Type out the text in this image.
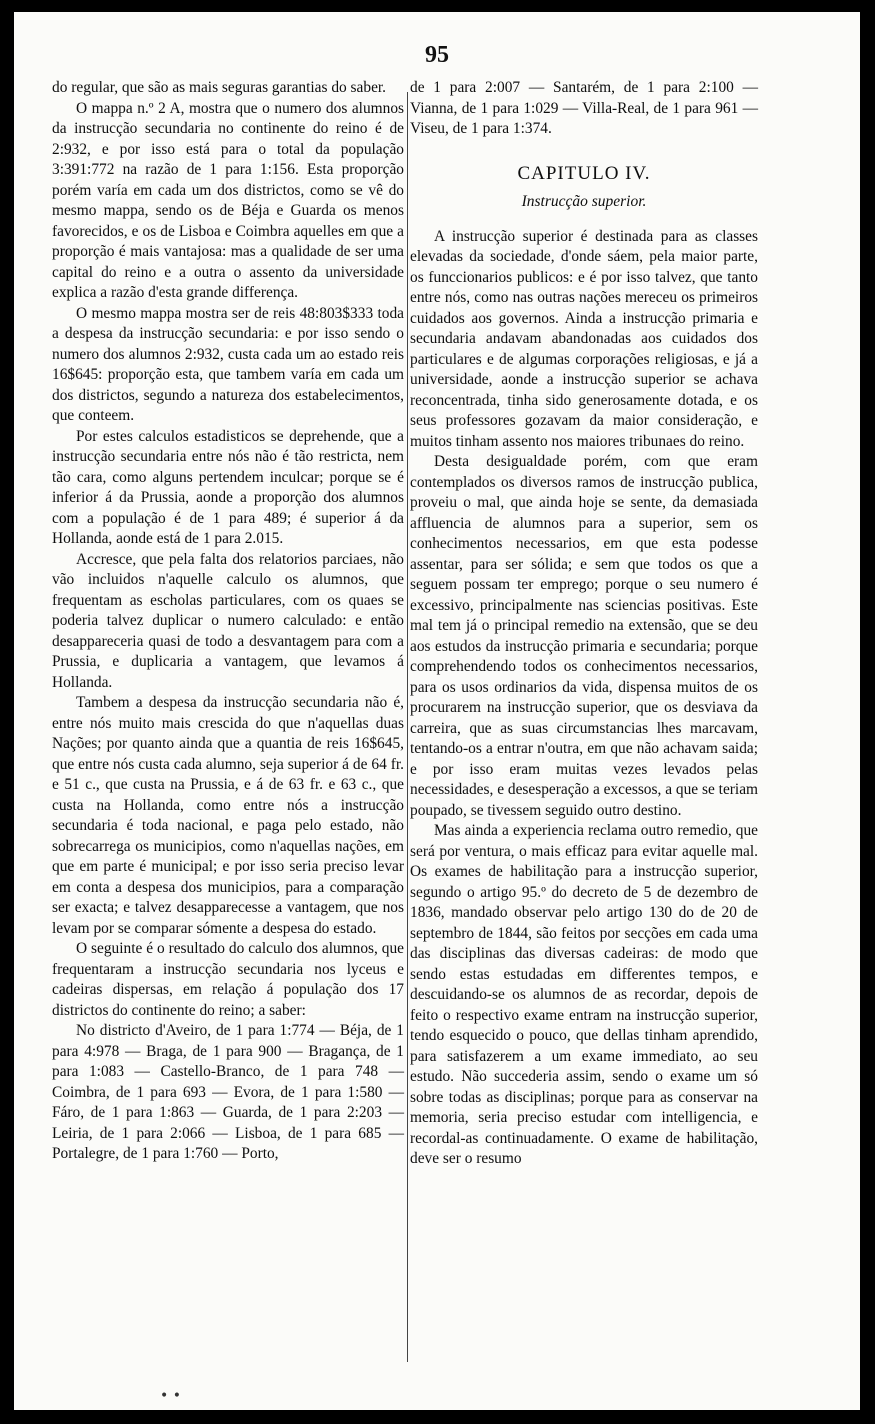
95

do regular, que são as mais seguras garantias do saber.

O mappa n.º 2 A, mostra que o numero dos alumnos da instrucção secundaria no continente do reino é de 2:932, e por isso está para o total da população 3:391:772 na razão de 1 para 1:156. Esta proporção porém varía em cada um dos districtos, como se vê do mesmo mappa, sendo os de Béja e Guarda os menos favorecidos, e os de Lisboa e Coimbra aquelles em que a proporção é mais vantajosa: mas a qualidade de ser uma capital do reino e a outra o assento da universidade explica a razão d'esta grande differença.

O mesmo mappa mostra ser de reis 48:803$333 toda a despesa da instrucção secundaria: e por isso sendo o numero dos alumnos 2:932, custa cada um ao estado reis 16$645: proporção esta, que tambem varía em cada um dos districtos, segundo a natureza dos estabelecimentos, que conteem.

Por estes calculos estadisticos se deprehende, que a instrucção secundaria entre nós não é tão restricta, nem tão cara, como alguns pertendem inculcar; porque se é inferior á da Prussia, aonde a proporção dos alumnos com a população é de 1 para 489; é superior á da Hollanda, aonde está de 1 para 2.015.

Accresce, que pela falta dos relatorios parciaes, não vão incluidos n'aquelle calculo os alumnos, que frequentam as escholas particulares, com os quaes se poderia talvez duplicar o numero calculado: e então desappareceria quasi de todo a desvantagem para com a Prussia, e duplicaria a vantagem, que levamos á Hollanda.

Tambem a despesa da instrucção secundaria não é, entre nós muito mais crescida do que n'aquellas duas Nações; por quanto ainda que a quantia de reis 16$645, que entre nós custa cada alumno, seja superior á de 64 fr. e 51 c., que custa na Prussia, e á de 63 fr. e 63 c., que custa na Hollanda, como entre nós a instrucção secundaria é toda nacional, e paga pelo estado, não sobrecarrega os municipios, como n'aquellas nações, em que em parte é municipal; e por isso seria preciso levar em conta a despesa dos municipios, para a comparação ser exacta; e talvez desapparecesse a vantagem, que nos levam por se comparar sómente a despesa do estado.

O seguinte é o resultado do calculo dos alumnos, que frequentaram a instrucção secundaria nos lyceus e cadeiras dispersas, em relação á população dos 17 districtos do continente do reino; a saber:

No districto d'Aveiro, de 1 para 1:774 — Béja, de 1 para 4:978 — Braga, de 1 para 900 — Bragança, de 1 para 1:083 — Castello-Branco, de 1 para 748 — Coimbra, de 1 para 693 — Evora, de 1 para 1:580 — Fáro, de 1 para 1:863 — Guarda, de 1 para 2:203 — Leiria, de 1 para 2:066 — Lisboa, de 1 para 685 — Portalegre, de 1 para 1:760 — Porto,

de 1 para 2:007 — Santarém, de 1 para 2:100 — Vianna, de 1 para 1:029 — Villa-Real, de 1 para 961 — Viseu, de 1 para 1:374.

CAPITULO IV.
Instrucção superior.

A instrucção superior é destinada para as classes elevadas da sociedade, d'onde sáem, pela maior parte, os funccionarios publicos: e é por isso talvez, que tanto entre nós, como nas outras nações mereceu os primeiros cuidados aos governos. Ainda a instrucção primaria e secundaria andavam abandonadas aos cuidados dos particulares e de algumas corporações religiosas, e já a universidade, aonde a instrucção superior se achava reconcentrada, tinha sido generosamente dotada, e os seus professores gozavam da maior consideração, e muitos tinham assento nos maiores tribunaes do reino.

Desta desigualdade porém, com que eram contemplados os diversos ramos de instrucção publica, proveiu o mal, que ainda hoje se sente, da demasiada affluencia de alumnos para a superior, sem os conhecimentos necessarios, em que esta podesse assentar, para ser sólida; e sem que todos os que a seguem possam ter emprego; porque o seu numero é excessivo, principalmente nas sciencias positivas. Este mal tem já o principal remedio na extensão, que se deu aos estudos da instrucção primaria e secundaria; porque comprehendendo todos os conhecimentos necessarios, para os usos ordinarios da vida, dispensa muitos de os procurarem na instrucção superior, que os desviava da carreira, que as suas circumstancias lhes marcavam, tentando-os a entrar n'outra, em que não achavam saida; e por isso eram muitas vezes levados pelas necessidades, e desesperação a excessos, a que se teriam poupado, se tivessem seguido outro destino.

Mas ainda a experiencia reclama outro remedio, que será por ventura, o mais efficaz para evitar aquelle mal. Os exames de habilitação para a instrucção superior, segundo o artigo 95.º do decreto de 5 de dezembro de 1836, mandado observar pelo artigo 130 do de 20 de septembro de 1844, são feitos por secções em cada uma das disciplinas das diversas cadeiras: de modo que sendo estas estudadas em differentes tempos, e descuidando-se os alumnos de as recordar, depois de feito o respectivo exame entram na instrucção superior, tendo esquecido o pouco, que dellas tinham aprendido, para satisfazerem a um exame immediato, ao seu estudo. Não succederia assim, sendo o exame um só sobre todas as disciplinas; porque para as conservar na memoria, seria preciso estudar com intelligencia, e recordal-as continuadamente. O exame de habilitação, deve ser o resumo

• •
